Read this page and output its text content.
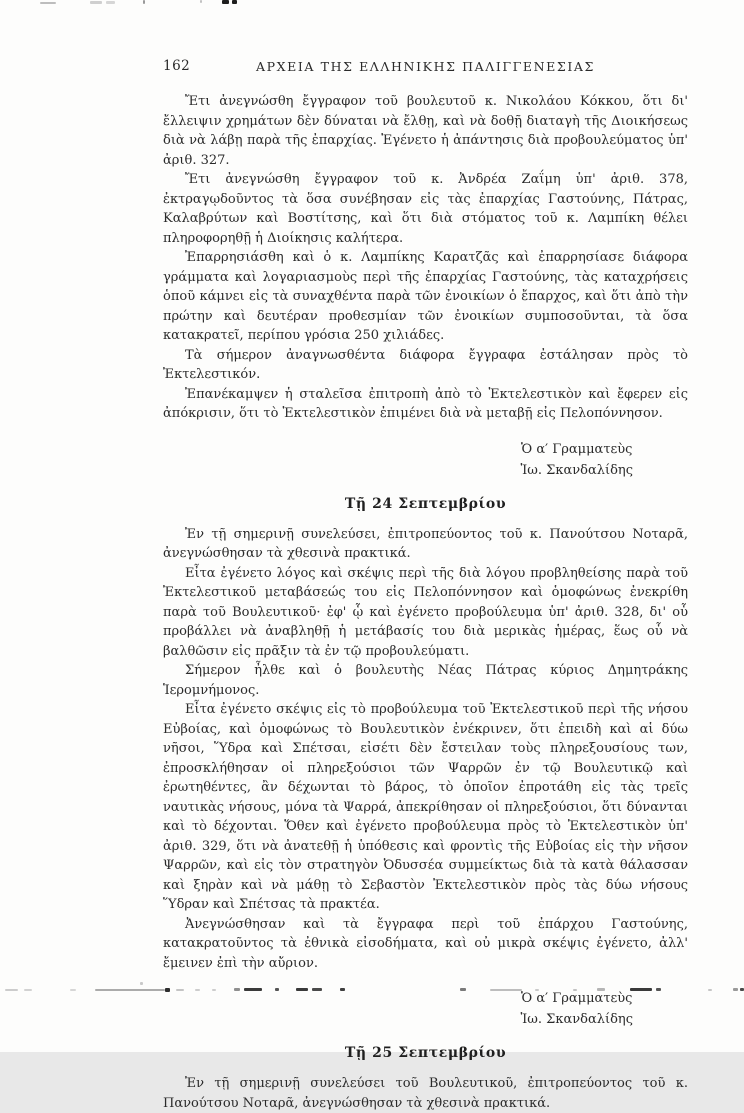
162	ΑΡΧΕΙΑ ΤΗΣ ΕΛΛΗΝΙΚΗΣ ΠΑΛΙΓΓΕΝΕΣΙΑΣ

Ἔτι ἀνεγνώσθη ἔγγραφον τοῦ βουλευτοῦ κ. Νικολάου Κόκκου, ὅτι δι' ἔλλειψιν χρημάτων δὲν δύναται νὰ ἔλθῃ, καὶ νὰ δοθῇ διαταγὴ τῆς Διοικήσεως διὰ νὰ λάβῃ παρὰ τῆς ἐπαρχίας. Ἐγένετο ἡ ἀπάντησις διὰ προβουλεύματος ὑπ' ἀριθ. 327.

Ἔτι ἀνεγνώσθη ἔγγραφον τοῦ κ. Ἀνδρέα Ζαΐμη ὑπ' ἀριθ. 378, ἐκτραγῳδοῦντος τὰ ὅσα συνέβησαν εἰς τὰς ἐπαρχίας Γαστούνης, Πάτρας, Καλαβρύτων καὶ Βοστίτσης, καὶ ὅτι διὰ στόματος τοῦ κ. Λαμπίκη θέλει πληροφορηθῇ ἡ Διοίκησις καλήτερα.

Ἐπαρρησιάσθη καὶ ὁ κ. Λαμπίκης Καρατζᾶς καὶ ἐπαρρησίασε διάφορα γράμματα καὶ λογαριασμοὺς περὶ τῆς ἐπαρχίας Γαστούνης, τὰς καταχρήσεις ὁποῦ κάμνει εἰς τὰ συναχθέντα παρὰ τῶν ἐνοικίων ὁ ἔπαρχος, καὶ ὅτι ἀπὸ τὴν πρώτην καὶ δευτέραν προθεσμίαν τῶν ἐνοικίων συμποσοῦνται, τὰ ὅσα κατακρατεῖ, περίπου γρόσια 250 χιλιάδες.

Τὰ σήμερον ἀναγνωσθέντα διάφορα ἔγγραφα ἐστάλησαν πρὸς τὸ Ἐκτελεστικόν.

Ἐπανέκαμψεν ἡ σταλεῖσα ἐπιτροπὴ ἀπὸ τὸ Ἐκτελεστικὸν καὶ ἔφερεν εἰς ἀπόκρισιν, ὅτι τὸ Ἐκτελεστικὸν ἐπιμένει διὰ νὰ μεταβῇ εἰς Πελοπόννησον.

Ὁ α′ Γραμματεὺς
Ἰω. Σκανδαλίδης
Τῇ 24 Σεπτεμβρίου

Ἐν τῇ σημερινῇ συνελεύσει, ἐπιτροπεύοντος τοῦ κ. Πανούτσου Νοταρᾶ, ἀνεγνώσθησαν τὰ χθεσινὰ πρακτικά.

Εἶτα ἐγένετο λόγος καὶ σκέψις περὶ τῆς διὰ λόγου προβληθείσης παρὰ τοῦ Ἐκτελεστικοῦ μεταβάσεώς του εἰς Πελοπόννησον καὶ ὁμοφώνως ἐνεκρίθη παρὰ τοῦ Βουλευτικοῦ· ἐφ' ᾧ καὶ ἐγένετο προβούλευμα ὑπ' ἀριθ. 328, δι' οὗ προβάλλει νὰ ἀναβληθῇ ἡ μετάβασίς του διὰ μερικὰς ἡμέρας, ἕως οὗ νὰ βαλθῶσιν εἰς πρᾶξιν τὰ ἐν τῷ προβουλεύματι.

Σήμερον ἦλθε καὶ ὁ βουλευτὴς Νέας Πάτρας κύριος Δημητράκης Ἱερομνήμονος.

Εἶτα ἐγένετο σκέψις εἰς τὸ προβούλευμα τοῦ Ἐκτελεστικοῦ περὶ τῆς νήσου Εὐβοίας, καὶ ὁμοφώνως τὸ Βουλευτικὸν ἐνέκρινεν, ὅτι ἐπειδὴ καὶ αἱ δύω νῆσοι, Ὕδρα καὶ Σπέτσαι, εἰσέτι δὲν ἔστειλαν τοὺς πληρεξουσίους των, ἐπροσκλήθησαν οἱ πληρεξούσιοι τῶν Ψαρρῶν ἐν τῷ Βουλευτικῷ καὶ ἐρωτηθέντες, ἂν δέχωνται τὸ βάρος, τὸ ὁποῖον ἐπροτάθη εἰς τὰς τρεῖς ναυτικὰς νήσους, μόνα τὰ Ψαρρά, ἀπεκρίθησαν οἱ πληρεξούσιοι, ὅτι δύνανται καὶ τὸ δέχονται. Ὅθεν καὶ ἐγένετο προβούλευμα πρὸς τὸ Ἐκτελεστικὸν ὑπ' ἀριθ. 329, ὅτι νὰ ἀνατεθῇ ἡ ὑπόθεσις καὶ φροντὶς τῆς Εὐβοίας εἰς τὴν νῆσον Ψαρρῶν, καὶ εἰς τὸν στρατηγὸν Ὀδυσσέα συμμείκτως διὰ τὰ κατὰ θάλασσαν καὶ ξηρὰν καὶ νὰ μάθῃ τὸ Σεβαστὸν Ἐκτελεστικὸν πρὸς τὰς δύω νήσους Ὕδραν καὶ Σπέτσας τὰ πρακτέα.

Ἀνεγνώσθησαν καὶ τὰ ἔγγραφα περὶ τοῦ ἐπάρχου Γαστούνης, κατακρατοῦντος τὰ ἐθνικὰ εἰσοδήματα, καὶ οὐ μικρὰ σκέψις ἐγένετο, ἀλλ' ἔμεινεν ἐπὶ τὴν αὔριον.

Ὁ α′ Γραμματεὺς
Ἰω. Σκανδαλίδης
Τῇ 25 Σεπτεμβρίου

Ἐν τῇ σημερινῇ συνελεύσει τοῦ Βουλευτικοῦ, ἐπιτροπεύοντος τοῦ κ. Πανούτσου Νοταρᾶ, ἀνεγνώσθησαν τὰ χθεσινὰ πρακτικά.
